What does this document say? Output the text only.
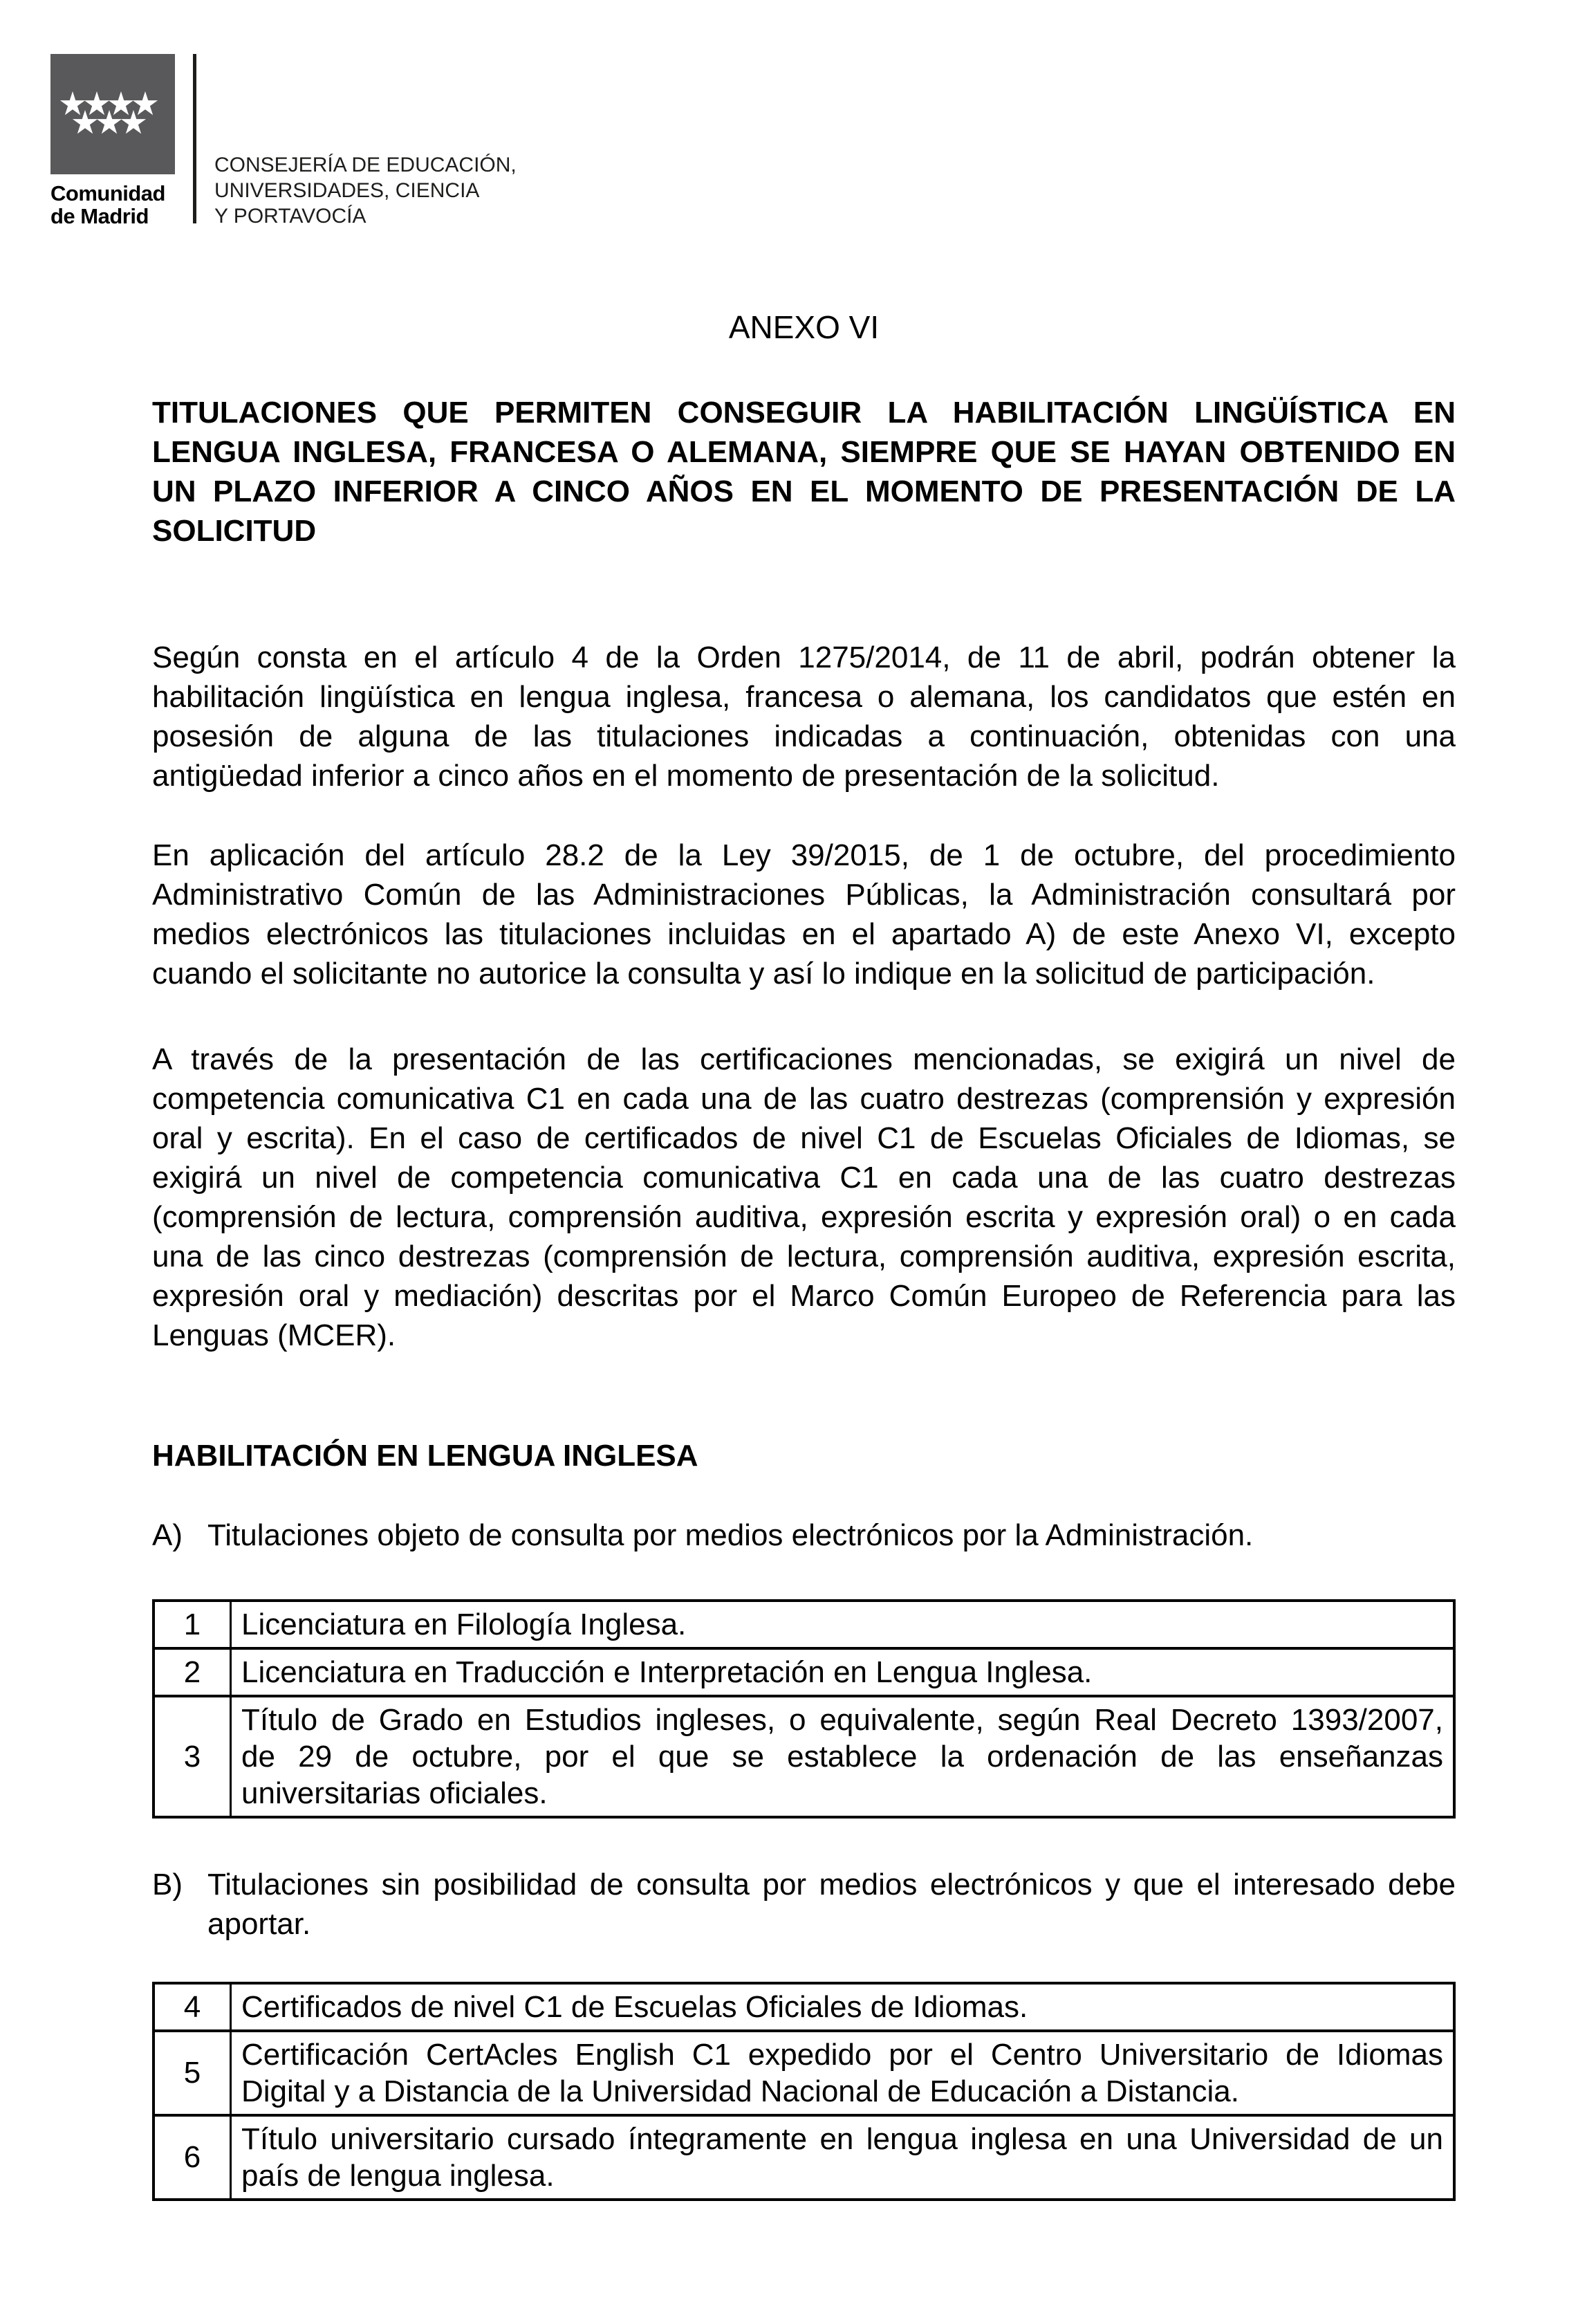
Comunidad
de Madrid
CONSEJERÍA DE EDUCACIÓN,
UNIVERSIDADES, CIENCIA
Y PORTAVOCÍA
ANEXO VI
TITULACIONES QUE PERMITEN CONSEGUIR LA HABILITACIÓN LINGÜÍSTICA EN
LENGUA INGLESA, FRANCESA O ALEMANA, SIEMPRE QUE SE HAYAN OBTENIDO EN
UN PLAZO INFERIOR A CINCO AÑOS EN EL MOMENTO DE PRESENTACIÓN DE LA
SOLICITUD
Según consta en el artículo 4 de la Orden 1275/2014, de 11 de abril, podrán obtener la
habilitación lingüística en lengua inglesa, francesa o alemana, los candidatos que estén en
posesión de alguna de las titulaciones indicadas a continuación, obtenidas con una
antigüedad inferior a cinco años en el momento de presentación de la solicitud.
En aplicación del artículo 28.2 de la Ley 39/2015, de 1 de octubre, del procedimiento
Administrativo Común de las Administraciones Públicas, la Administración consultará por
medios electrónicos las titulaciones incluidas en el apartado A) de este Anexo VI, excepto
cuando el solicitante no autorice la consulta y así lo indique en la solicitud de participación.
A través de la presentación de las certificaciones mencionadas, se exigirá un nivel de
competencia comunicativa C1 en cada una de las cuatro destrezas (comprensión y expresión
oral y escrita). En el caso de certificados de nivel C1 de Escuelas Oficiales de Idiomas, se
exigirá un nivel de competencia comunicativa C1 en cada una de las cuatro destrezas
(comprensión de lectura, comprensión auditiva, expresión escrita y expresión oral) o en cada
una de las cinco destrezas (comprensión de lectura, comprensión auditiva, expresión escrita,
expresión oral y mediación) descritas por el Marco Común Europeo de Referencia para las
Lenguas (MCER).
HABILITACIÓN EN LENGUA INGLESA
A) Titulaciones objeto de consulta por medios electrónicos por la Administración.
1	Licenciatura en Filología Inglesa.
2	Licenciatura en Traducción e Interpretación en Lengua Inglesa.
3
Título de Grado en Estudios ingleses, o equivalente, según Real Decreto 1393/2007,
de 29 de octubre, por el que se establece la ordenación de las enseñanzas
universitarias oficiales.
B) Titulaciones sin posibilidad de consulta por medios electrónicos y que el interesado debe
aportar.
4	Certificados de nivel C1 de Escuelas Oficiales de Idiomas.
5
Certificación CertAcles English C1 expedido por el Centro Universitario de Idiomas
Digital y a Distancia de la Universidad Nacional de Educación a Distancia.
6
Título universitario cursado íntegramente en lengua inglesa en una Universidad de un
país de lengua inglesa.
